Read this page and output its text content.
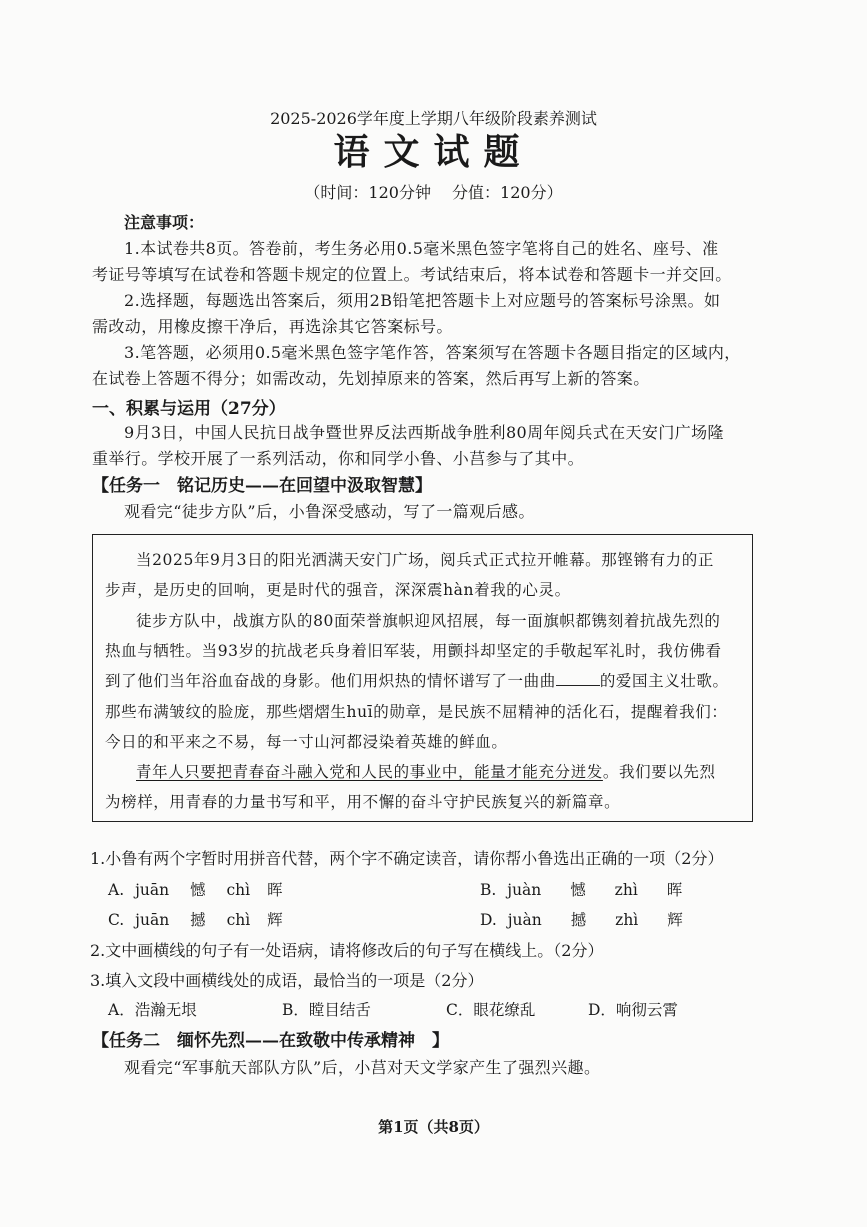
2025-2026学年度上学期八年级阶段素养测试
语文试题
（时间：120分钟　 分值：120分）
注意事项：
1.本试卷共8页。答卷前，考生务必用0.5毫米黑色签字笔将自己的姓名、座号、准
考证号等填写在试卷和答题卡规定的位置上。考试结束后，将本试卷和答题卡一并交回。
2.选择题，每题选出答案后，须用2B铅笔把答题卡上对应题号的答案标号涂黑。如
需改动，用橡皮擦干净后，再选涂其它答案标号。
3.笔答题，必须用0.5毫米黑色签字笔作答，答案须写在答题卡各题目指定的区域内，
在试卷上答题不得分；如需改动，先划掉原来的答案，然后再写上新的答案。
一、积累与运用（27分）
9月3日，中国人民抗日战争暨世界反法西斯战争胜利80周年阅兵式在天安门广场隆
重举行。学校开展了一系列活动，你和同学小鲁、小莒参与了其中。
【任务一　铭记历史——在回望中汲取智慧】
观看完“徒步方队”后，小鲁深受感动，写了一篇观后感。
当2025年9月3日的阳光洒满天安门广场，阅兵式正式拉开帷幕。那铿锵有力的正
步声，是历史的回响，更是时代的强音，深深震hàn着我的心灵。
徒步方队中，战旗方队的80面荣誉旗帜迎风招展，每一面旗帜都镌刻着抗战先烈的
热血与牺牲。当93岁的抗战老兵身着旧军装，用颤抖却坚定的手敬起军礼时，我仿佛看
到了他们当年浴血奋战的身影。他们用炽热的情怀谱写了一曲曲	的爱国主义壮歌。
那些布满皱纹的脸庞，那些熠熠生huī的勋章，是民族不屈精神的活化石，提醒着我们：
今日的和平来之不易，每一寸山河都浸染着英雄的鲜血。
青年人只要把青春奋斗融入党和人民的事业中，能量才能充分迸发。我们要以先烈
为榜样，用青春的力量书写和平，用不懈的奋斗守护民族复兴的新篇章。
1.小鲁有两个字暂时用拼音代替，两个字不确定读音，请你帮小鲁选出正确的一项（2分）
A. juān 憾 chì 晖	B. juàn 憾 zhì 晖
C. juān 撼 chì 辉	D. juàn 撼 zhì 辉
2.文中画横线的句子有一处语病，请将修改后的句子写在横线上。（2分）
3.填入文段中画横线处的成语，最恰当的一项是（2分）
A．浩瀚无垠	B．瞠目结舌	C．眼花缭乱	D．响彻云霄
【任务二　缅怀先烈——在致敬中传承精神　】
观看完“军事航天部队方队”后，小莒对天文学家产生了强烈兴趣。
第1页（共8页）
